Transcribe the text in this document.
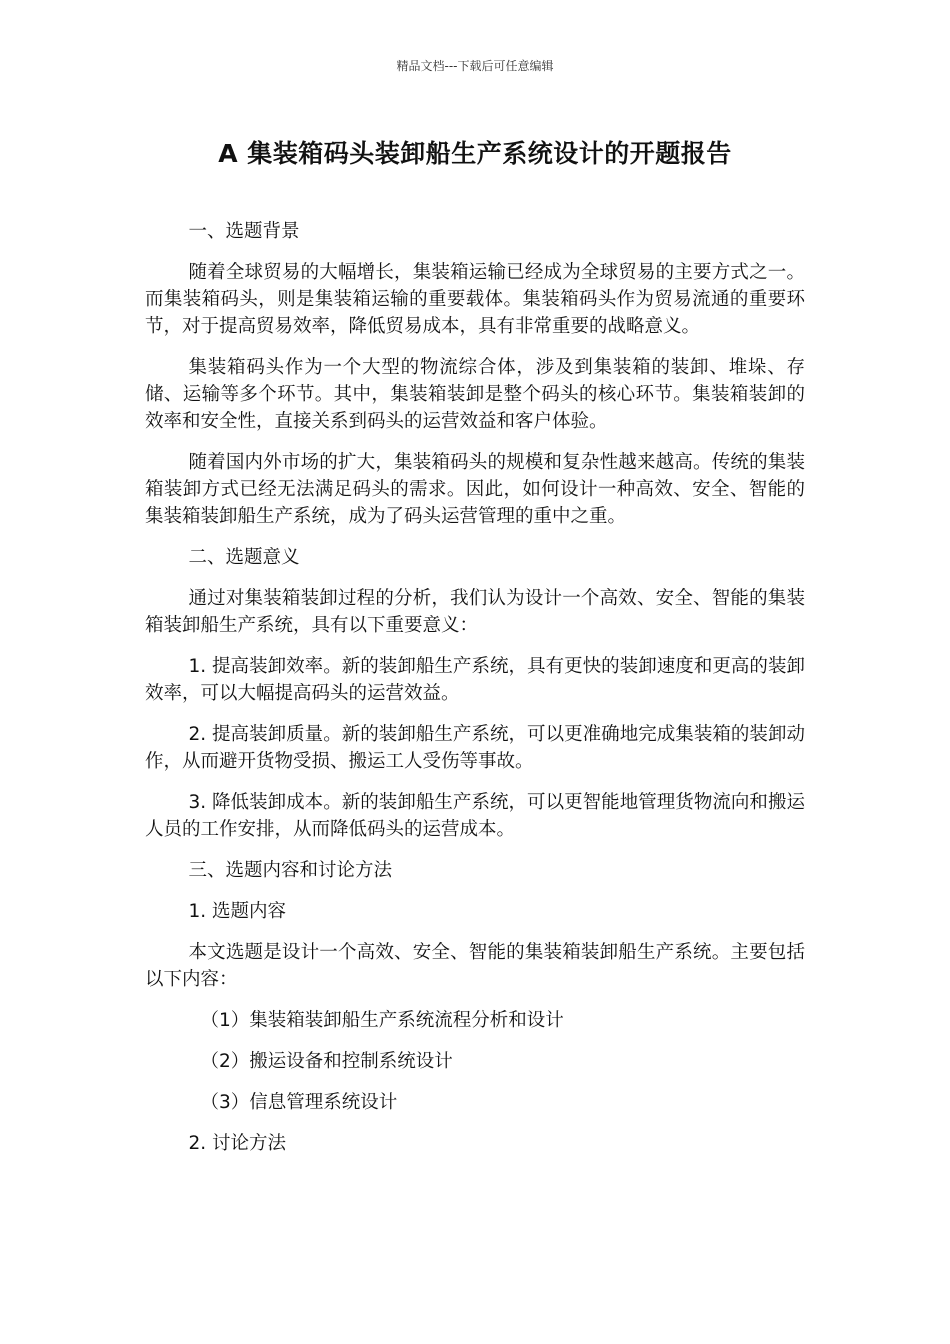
精品文档---下载后可任意编辑
A 集装箱码头装卸船生产系统设计的开题报告

一、选题背景

随着全球贸易的大幅增长，集装箱运输已经成为全球贸易的主要方式之一。而集装箱码头，则是集装箱运输的重要载体。集装箱码头作为贸易流通的重要环节，对于提高贸易效率，降低贸易成本，具有非常重要的战略意义。

集装箱码头作为一个大型的物流综合体，涉及到集装箱的装卸、堆垛、存储、运输等多个环节。其中，集装箱装卸是整个码头的核心环节。集装箱装卸的效率和安全性，直接关系到码头的运营效益和客户体验。

随着国内外市场的扩大，集装箱码头的规模和复杂性越来越高。传统的集装箱装卸方式已经无法满足码头的需求。因此，如何设计一种高效、安全、智能的集装箱装卸船生产系统，成为了码头运营管理的重中之重。

二、选题意义

通过对集装箱装卸过程的分析，我们认为设计一个高效、安全、智能的集装箱装卸船生产系统，具有以下重要意义：

1. 提高装卸效率。新的装卸船生产系统，具有更快的装卸速度和更高的装卸效率，可以大幅提高码头的运营效益。

2. 提高装卸质量。新的装卸船生产系统，可以更准确地完成集装箱的装卸动作，从而避开货物受损、搬运工人受伤等事故。

3. 降低装卸成本。新的装卸船生产系统，可以更智能地管理货物流向和搬运人员的工作安排，从而降低码头的运营成本。

三、选题内容和讨论方法

1. 选题内容

本文选题是设计一个高效、安全、智能的集装箱装卸船生产系统。主要包括以下内容：

（1）集装箱装卸船生产系统流程分析和设计

（2）搬运设备和控制系统设计

（3）信息管理系统设计

2. 讨论方法
